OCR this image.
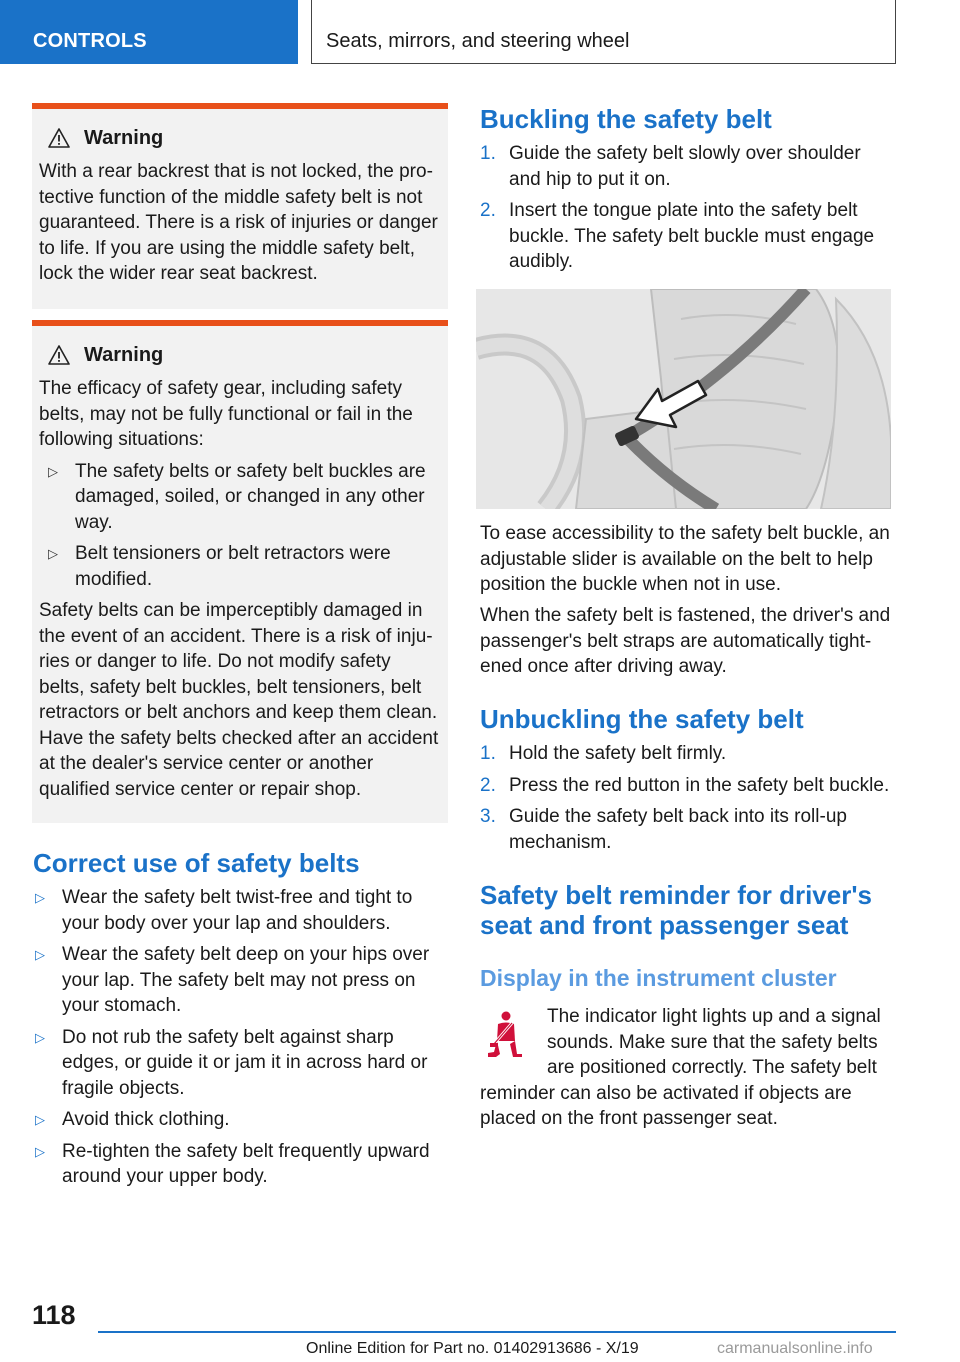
CONTROLS	Seats, mirrors, and steering wheel
Warning

With a rear backrest that is not locked, the protective function of the middle safety belt is not guaranteed. There is a risk of injuries or danger to life. If you are using the middle safety belt, lock the wider rear seat backrest.

Warning

The efficacy of safety gear, including safety belts, may not be fully functional or fail in the following situations:

▷ The safety belts or safety belt buckles are damaged, soiled, or changed in any other way.
▷ Belt tensioners or belt retractors were modified.

Safety belts can be imperceptibly damaged in the event of an accident. There is a risk of injuries or danger to life. Do not modify safety belts, safety belt buckles, belt tensioners, belt retractors or belt anchors and keep them clean. Have the safety belts checked after an accident at the dealer's service center or another qualified service center or repair shop.

Correct use of safety belts
▷ Wear the safety belt twist-free and tight to your body over your lap and shoulders.
▷ Wear the safety belt deep on your hips over your lap. The safety belt may not press on your stomach.
▷ Do not rub the safety belt against sharp edges, or guide it or jam it in across hard or fragile objects.
▷ Avoid thick clothing.
▷ Re-tighten the safety belt frequently upward around your upper body.
Buckling the safety belt
1. Guide the safety belt slowly over shoulder and hip to put it on.
2. Insert the tongue plate into the safety belt buckle. The safety belt buckle must engage audibly.

To ease accessibility to the safety belt buckle, an adjustable slider is available on the belt to help position the buckle when not in use.

When the safety belt is fastened, the driver's and passenger's belt straps are automatically tightened once after driving away.

Unbuckling the safety belt
1. Hold the safety belt firmly.
2. Press the red button in the safety belt buckle.
3. Guide the safety belt back into its roll-up mechanism.
Safety belt reminder for driver's seat and front passenger seat
Display in the instrument cluster

The indicator light lights up and a signal sounds. Make sure that the safety belts are positioned correctly. The safety belt reminder can also be activated if objects are placed on the front passenger seat.

118
Online Edition for Part no. 01402913686 - X/19	carmanualsonline.info
